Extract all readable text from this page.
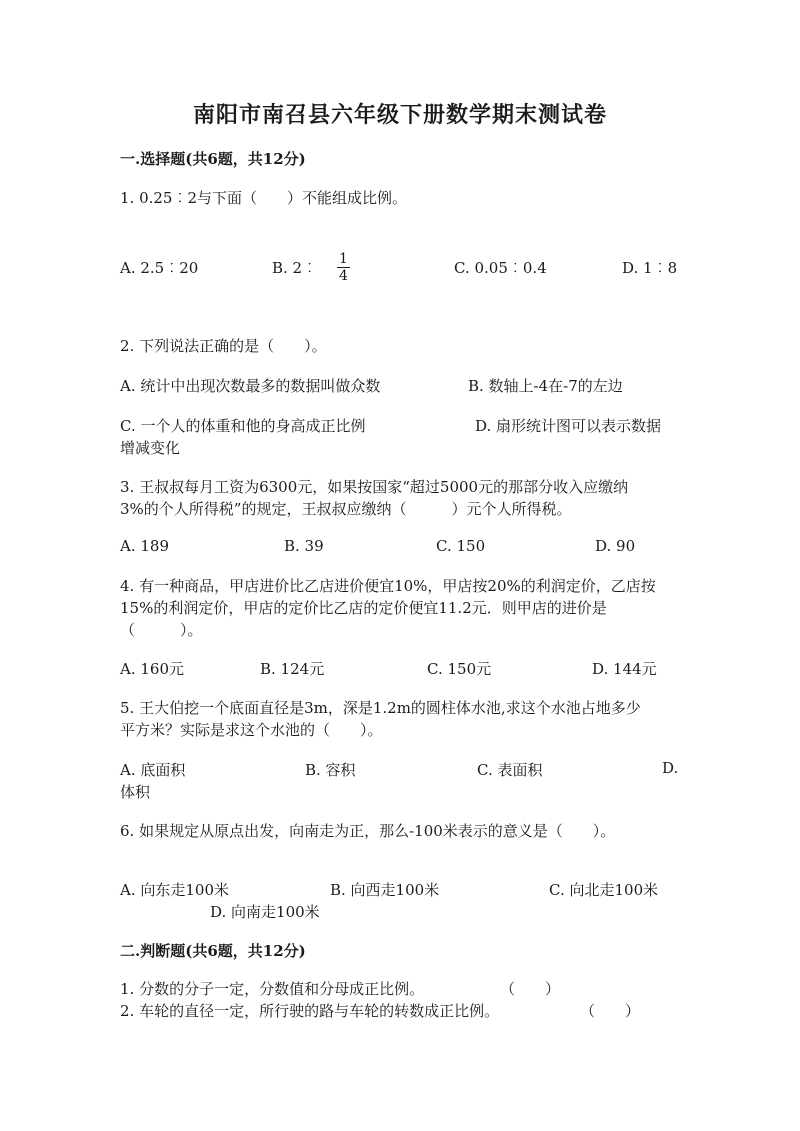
南阳市南召县六年级下册数学期末测试卷
一.选择题(共6题，共12分)
1. 0.25︰2与下面（　　）不能组成比例。
A. 2.5︰20	B. 2︰ $\frac{1}{4}$	C. 0.05︰0.4	D. 1︰8
2. 下列说法正确的是（　　）。
A. 统计中出现次数最多的数据叫做众数	B. 数轴上-4在-7的左边
C. 一个人的体重和他的身高成正比例	D. 扇形统计图可以表示数据
增减变化
3. 王叔叔每月工资为6300元，如果按国家“超过5000元的那部分收入应缴纳
3%的个人所得税”的规定，王叔叔应缴纳（　　　）元个人所得税。
A. 189	B. 39	C. 150	D. 90
4. 有一种商品，甲店进价比乙店进价便宜10%，甲店按20%的利润定价，乙店按
15%的利润定价，甲店的定价比乙店的定价便宜11.2元．则甲店的进价是
（　　　）。
A. 160元	B. 124元	C. 150元	D. 144元
5. 王大伯挖一个底面直径是3m，深是1.2m的圆柱体水池,求这个水池占地多少
平方米？实际是求这个水池的（　　）。
A. 底面积	B. 容积	C. 表面积	D.
体积
6. 如果规定从原点出发，向南走为正，那么-100米表示的意义是（　　）。
A. 向东走100米	B. 向西走100米	C. 向北走100米
D. 向南走100米
二.判断题(共6题，共12分)
1. 分数的分子一定，分数值和分母成正比例。	（　　）
2. 车轮的直径一定，所行驶的路与车轮的转数成正比例。	（　　）
